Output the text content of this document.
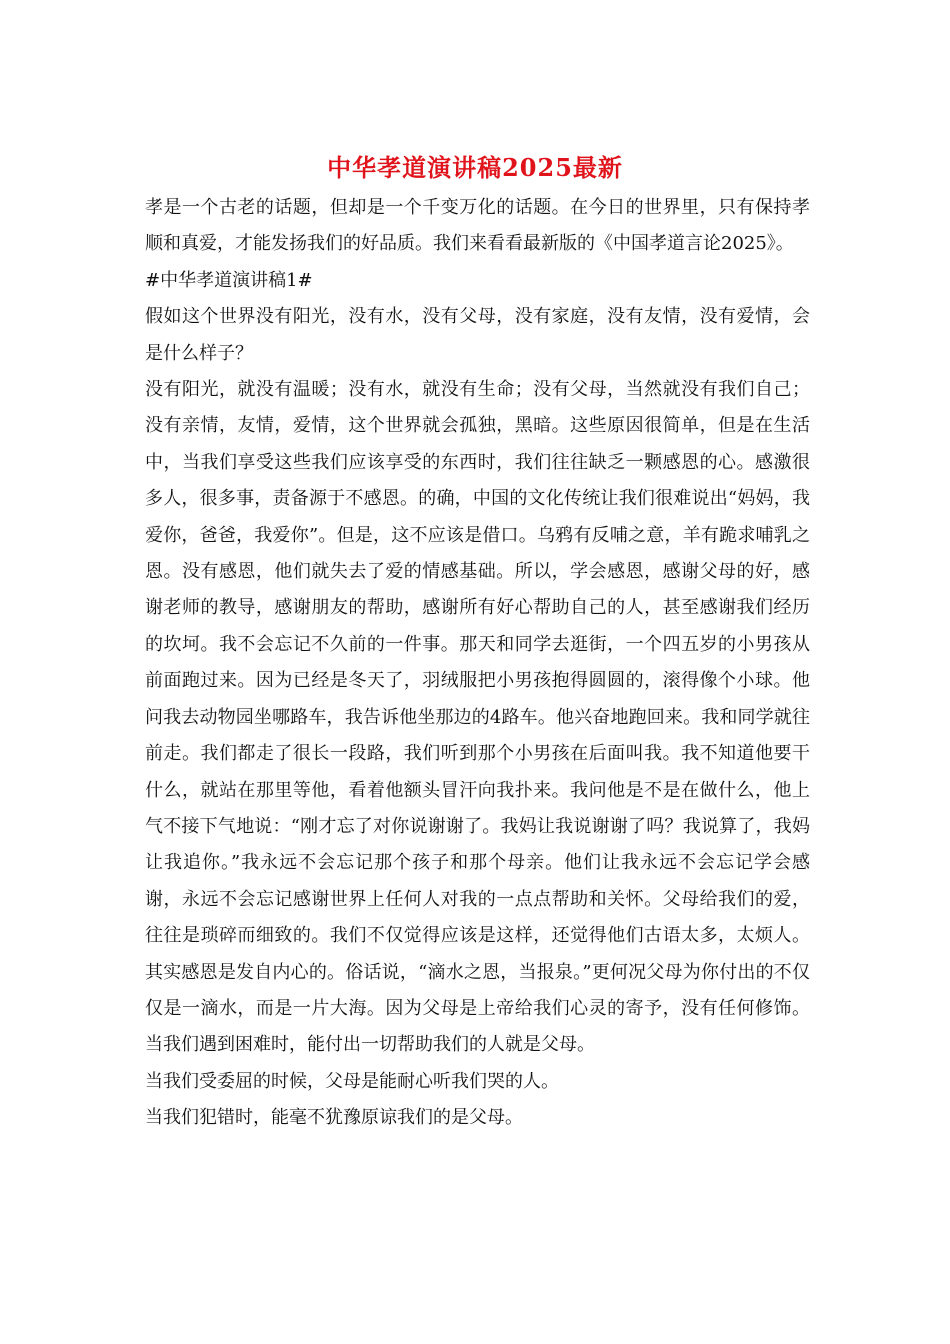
中华孝道演讲稿2025最新

孝是一个古老的话题，但却是一个千变万化的话题。在今日的世界里，只有保持孝顺和真爱，才能发扬我们的好品质。我们来看看最新版的《中国孝道言论2025》。

#中华孝道演讲稿1#

假如这个世界没有阳光，没有水，没有父母，没有家庭，没有友情，没有爱情，会是什么样子？

没有阳光，就没有温暖；没有水，就没有生命；没有父母，当然就没有我们自己；没有亲情，友情，爱情，这个世界就会孤独，黑暗。这些原因很简单，但是在生活中，当我们享受这些我们应该享受的东西时，我们往往缺乏一颗感恩的心。感激很多人，很多事，责备源于不感恩。的确，中国的文化传统让我们很难说出“妈妈，我爱你，爸爸，我爱你”。但是，这不应该是借口。乌鸦有反哺之意，羊有跪求哺乳之恩。没有感恩，他们就失去了爱的情感基础。所以，学会感恩，感谢父母的好，感谢老师的教导，感谢朋友的帮助，感谢所有好心帮助自己的人，甚至感谢我们经历的坎坷。我不会忘记不久前的一件事。那天和同学去逛街，一个四五岁的小男孩从前面跑过来。因为已经是冬天了，羽绒服把小男孩抱得圆圆的，滚得像个小球。他问我去动物园坐哪路车，我告诉他坐那边的4路车。他兴奋地跑回来。我和同学就往前走。我们都走了很长一段路，我们听到那个小男孩在后面叫我。我不知道他要干什么，就站在那里等他，看着他额头冒汗向我扑来。我问他是不是在做什么，他上气不接下气地说：“刚才忘了对你说谢谢了。我妈让我说谢谢了吗？我说算了，我妈让我追你。”我永远不会忘记那个孩子和那个母亲。他们让我永远不会忘记学会感谢，永远不会忘记感谢世界上任何人对我的一点点帮助和关怀。父母给我们的爱，往往是琐碎而细致的。我们不仅觉得应该是这样，还觉得他们古语太多，太烦人。其实感恩是发自内心的。俗话说，“滴水之恩，当报泉。”更何况父母为你付出的不仅仅是一滴水，而是一片大海。因为父母是上帝给我们心灵的寄予，没有任何修饰。当我们遇到困难时，能付出一切帮助我们的人就是父母。

当我们受委屈的时候，父母是能耐心听我们哭的人。

当我们犯错时，能毫不犹豫原谅我们的是父母。
